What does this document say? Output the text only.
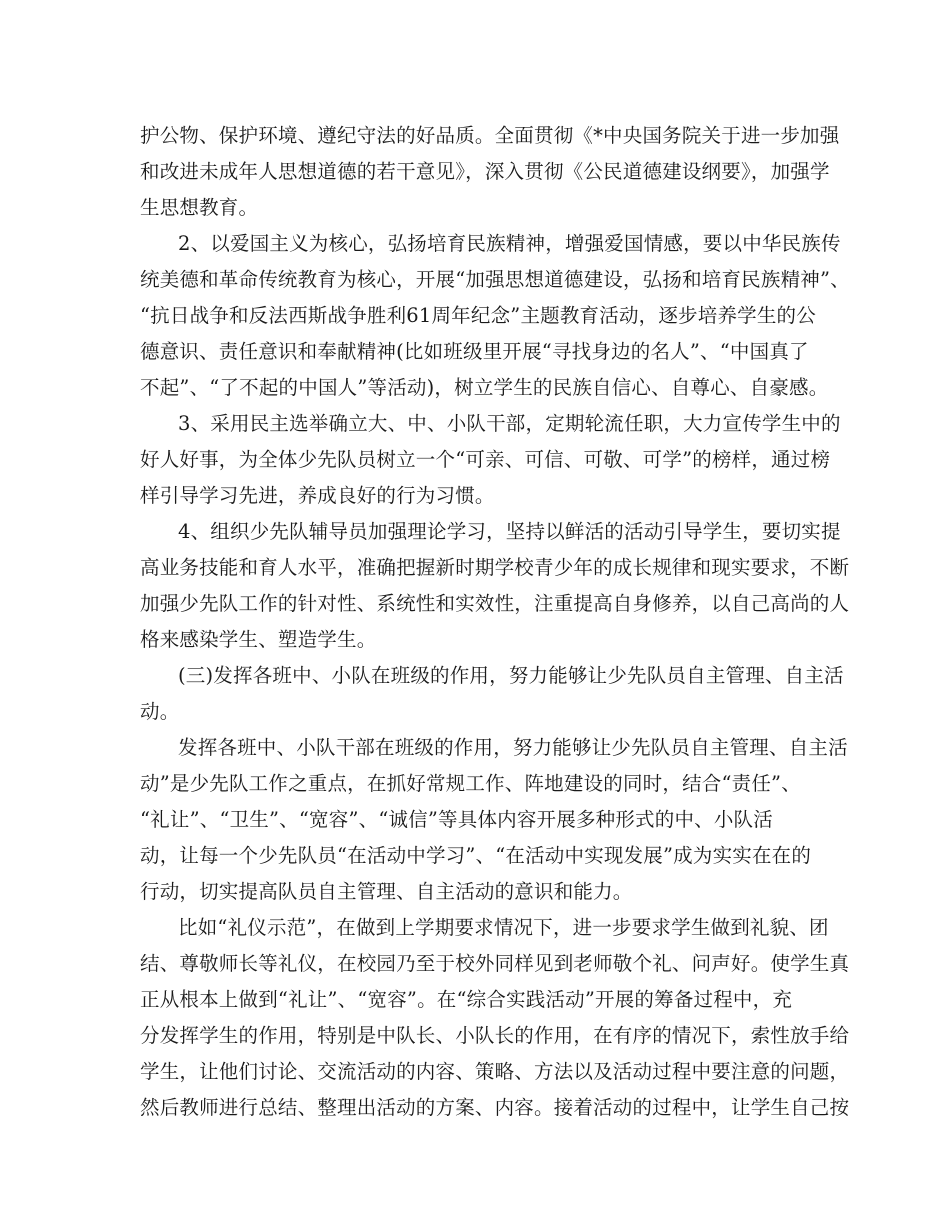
护公物、保护环境、遵纪守法的好品质。全面贯彻《*中央国务院关于进一步加强
和改进未成年人思想道德的若干意见》，深入贯彻《公民道德建设纲要》，加强学
生思想教育。
2、以爱国主义为核心，弘扬培育民族精神，增强爱国情感，要以中华民族传
统美德和革命传统教育为核心，开展“加强思想道德建设，弘扬和培育民族精神”、
“抗日战争和反法西斯战争胜利61周年纪念”主题教育活动，逐步培养学生的公
德意识、责任意识和奉献精神(比如班级里开展“寻找身边的名人”、“中国真了
不起”、“了不起的中国人”等活动)，树立学生的民族自信心、自尊心、自豪感。
3、采用民主选举确立大、中、小队干部，定期轮流任职，大力宣传学生中的
好人好事，为全体少先队员树立一个“可亲、可信、可敬、可学”的榜样，通过榜
样引导学习先进，养成良好的行为习惯。
4、组织少先队辅导员加强理论学习，坚持以鲜活的活动引导学生，要切实提
高业务技能和育人水平，准确把握新时期学校青少年的成长规律和现实要求，不断
加强少先队工作的针对性、系统性和实效性，注重提高自身修养，以自己高尚的人
格来感染学生、塑造学生。
(三)发挥各班中、小队在班级的作用，努力能够让少先队员自主管理、自主活
动。
发挥各班中、小队干部在班级的作用，努力能够让少先队员自主管理、自主活
动”是少先队工作之重点，在抓好常规工作、阵地建设的同时，结合“责任”、
“礼让”、“卫生”、“宽容”、“诚信”等具体内容开展多种形式的中、小队活
动，让每一个少先队员“在活动中学习”、“在活动中实现发展”成为实实在在的
行动，切实提高队员自主管理、自主活动的意识和能力。
比如“礼仪示范”，在做到上学期要求情况下，进一步要求学生做到礼貌、团
结、尊敬师长等礼仪，在校园乃至于校外同样见到老师敬个礼、问声好。使学生真
正从根本上做到“礼让”、“宽容”。在“综合实践活动”开展的筹备过程中，充
分发挥学生的作用，特别是中队长、小队长的作用，在有序的情况下，索性放手给
学生，让他们讨论、交流活动的内容、策略、方法以及活动过程中要注意的问题，
然后教师进行总结、整理出活动的方案、内容。接着活动的过程中，让学生自己按
